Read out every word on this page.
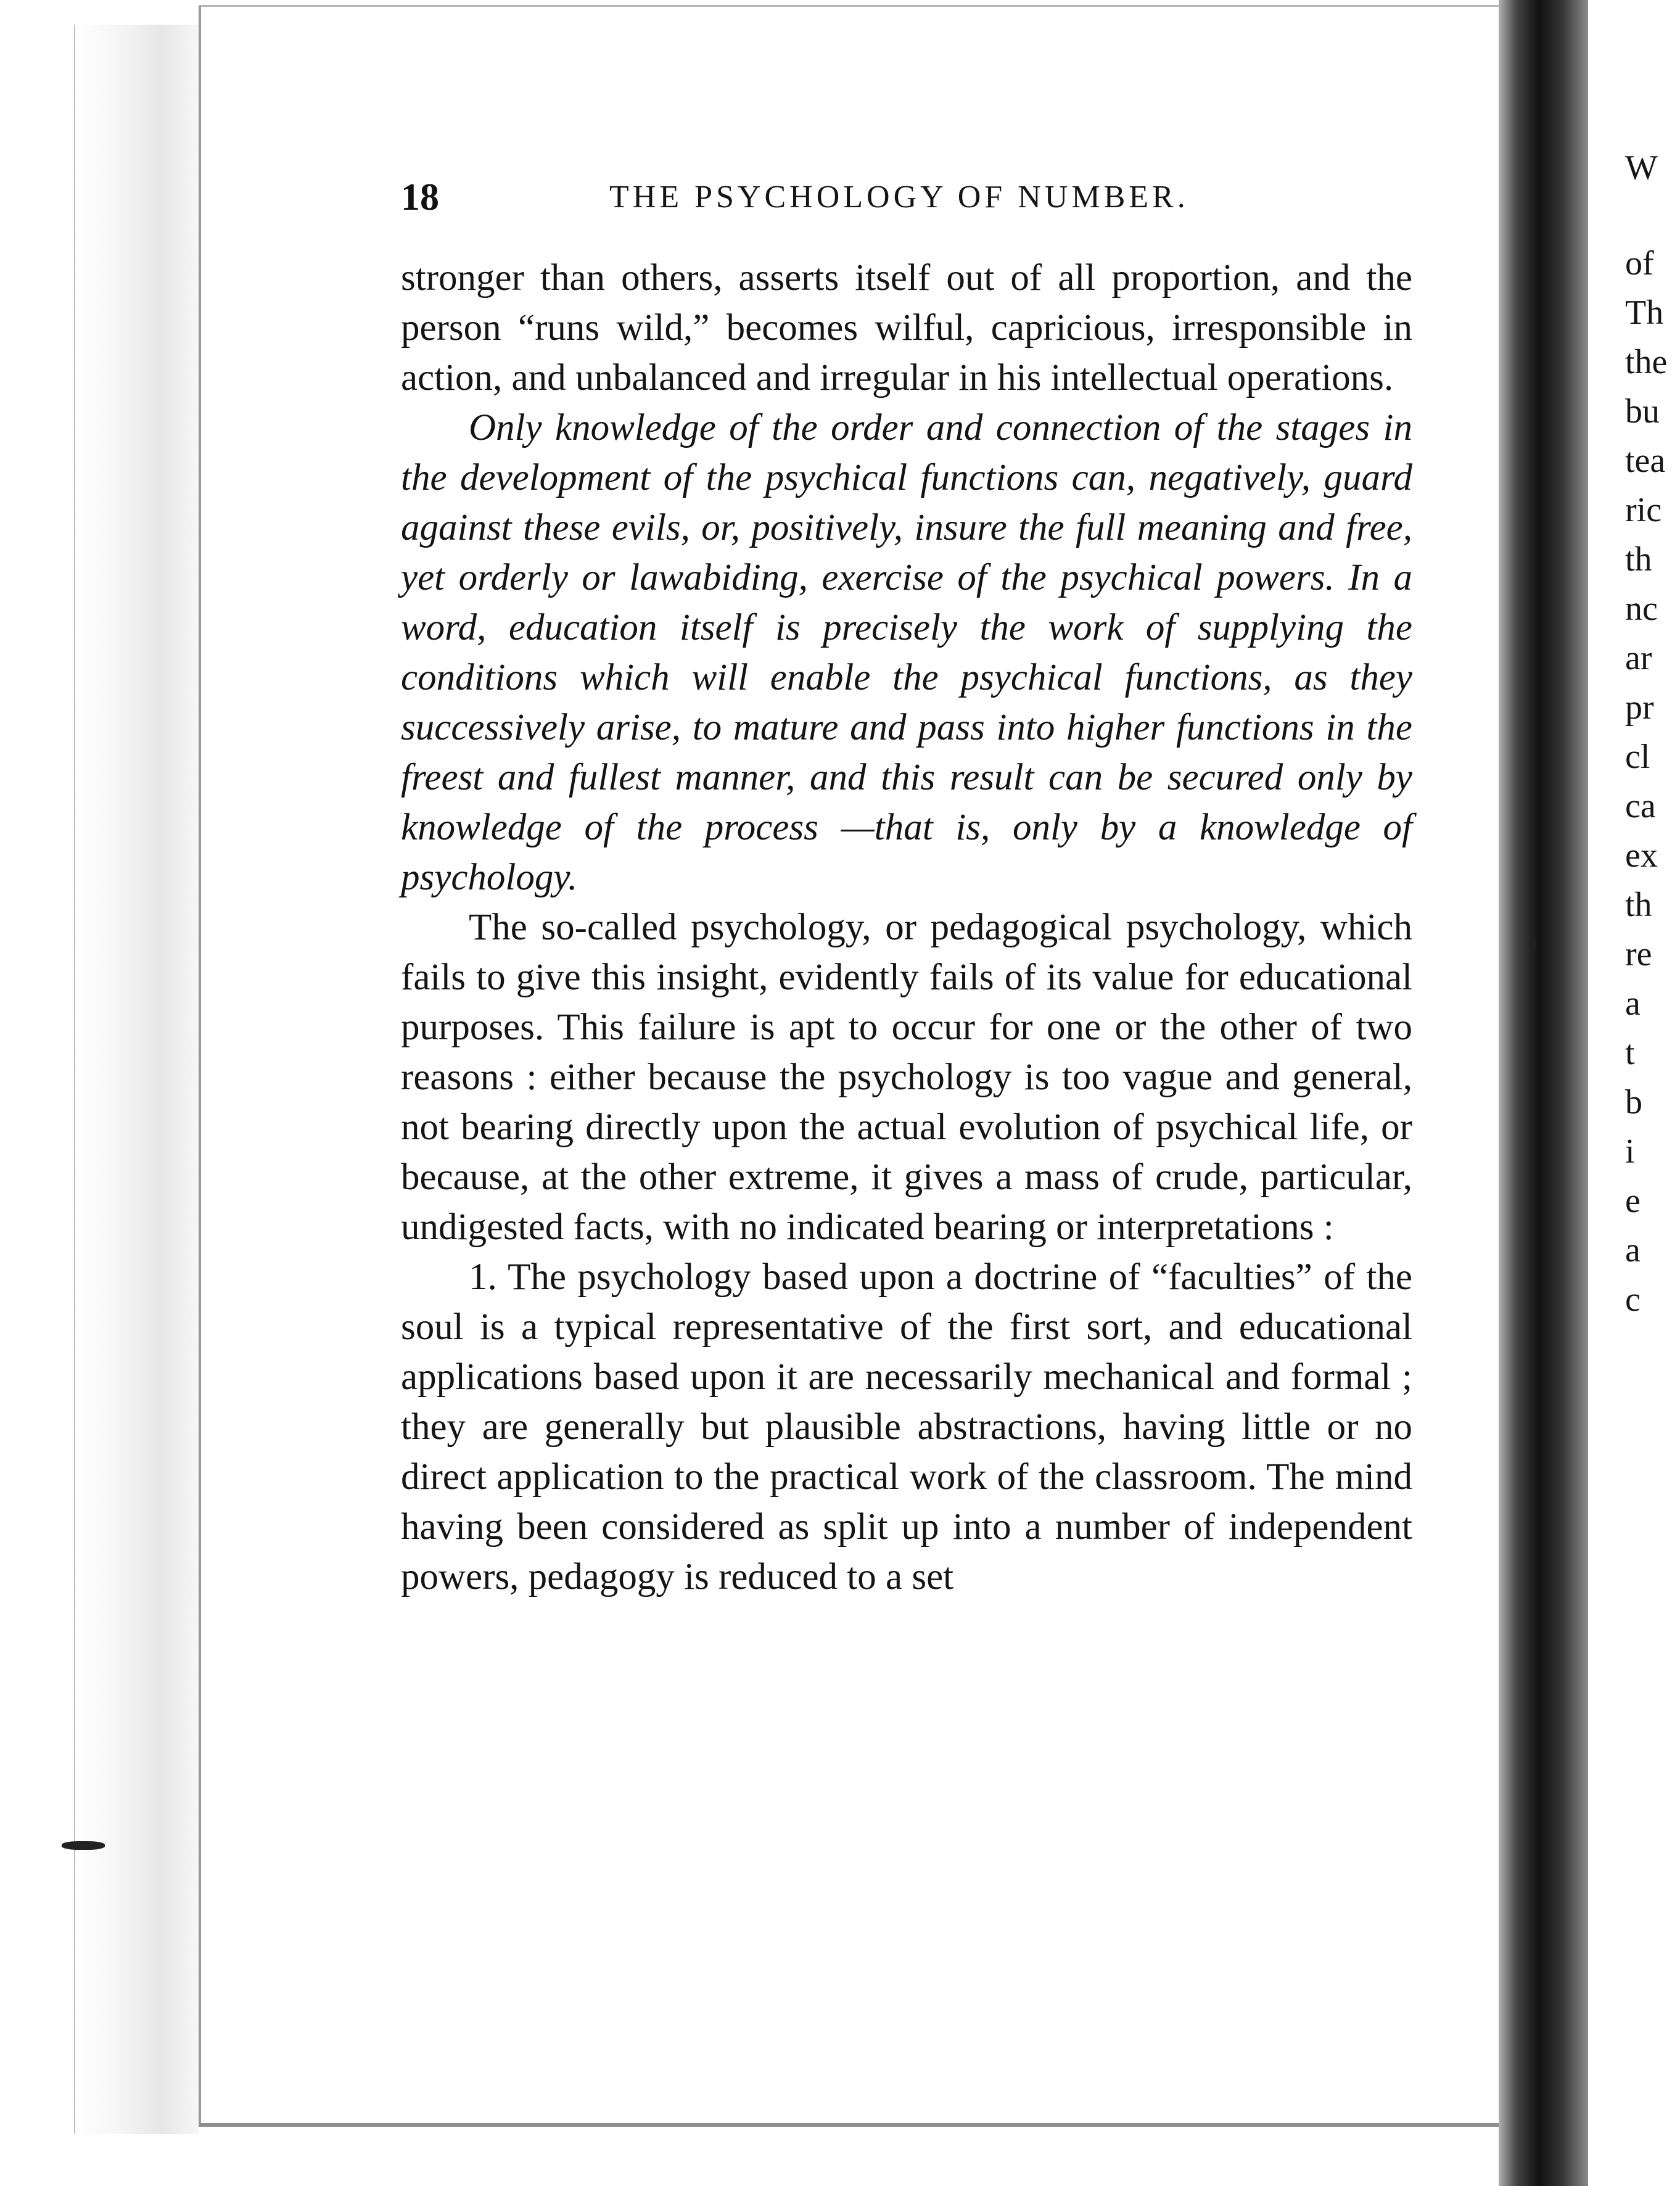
18	THE PSYCHOLOGY OF NUMBER.

stronger than others, asserts itself out of all proportion, and the person “runs wild,” becomes wilful, capricious, irresponsible in action, and unbalanced and irregular in his intellectual operations.

Only knowledge of the order and connection of the stages in the development of the psychical functions can, negatively, guard against these evils, or, positively, insure the full meaning and free, yet orderly or lawabiding, exercise of the psychical powers. In a word, education itself is precisely the work of supplying the conditions which will enable the psychical functions, as they successively arise, to mature and pass into higher functions in the freest and fullest manner, and this result can be secured only by knowledge of the process —that is, only by a knowledge of psychology.

The so-called psychology, or pedagogical psychology, which fails to give this insight, evidently fails of its value for educational purposes. This failure is apt to occur for one or the other of two reasons : either because the psychology is too vague and general, not bearing directly upon the actual evolution of psychical life, or because, at the other extreme, it gives a mass of crude, particular, undigested facts, with no indicated bearing or interpretations :

1. The psychology based upon a doctrine of “faculties” of the soul is a typical representative of the first sort, and educational applications based upon it are necessarily mechanical and formal ; they are generally but plausible abstractions, having little or no direct application to the practical work of the classroom. The mind having been considered as split up into a number of independent powers, pedagogy is reduced to a set

W
of
Th
the
bu
tea
ric
th
nc
ar
pr
cl
ca
ex
th
re
a
t
b
i
e
a
c
